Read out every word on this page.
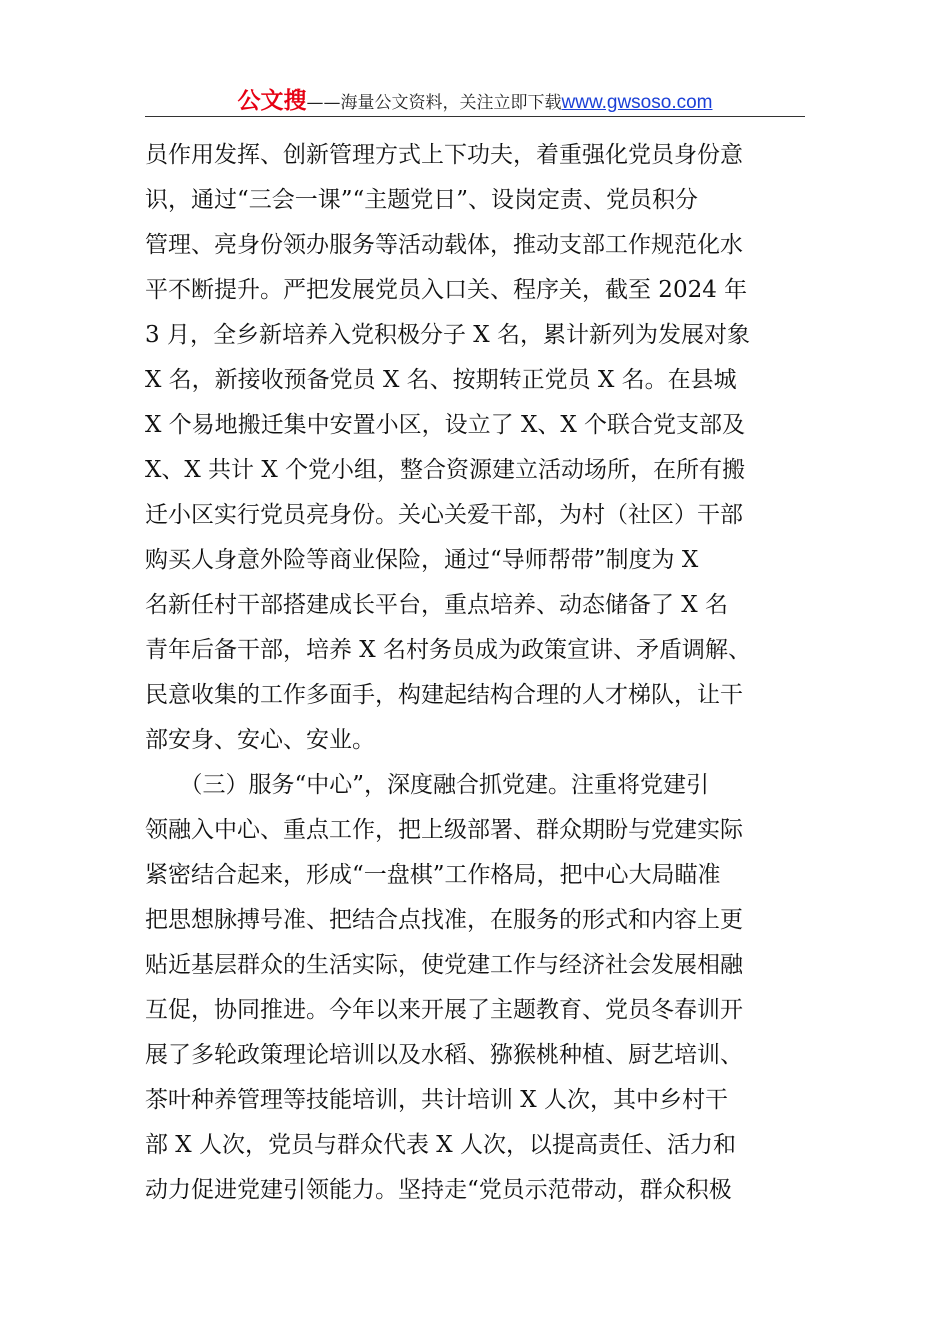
公文搜——海量公文资料，关注立即下载www.gwsoso.com
员作用发挥、创新管理方式上下功夫，着重强化党员身份意
识，通过“三会一课”“主题党日”、设岗定责、党员积分
管理、亮身份领办服务等活动载体，推动支部工作规范化水
平不断提升。严把发展党员入口关、程序关，截至 2024 年
3 月，全乡新培养入党积极分子 X 名，累计新列为发展对象
X 名，新接收预备党员 X 名、按期转正党员 X 名。在县城
X 个易地搬迁集中安置小区，设立了 X、X 个联合党支部及
X、X 共计 X 个党小组，整合资源建立活动场所，在所有搬
迁小区实行党员亮身份。关心关爱干部，为村（社区）干部
购买人身意外险等商业保险，通过“导师帮带”制度为 X
名新任村干部搭建成长平台，重点培养、动态储备了 X 名
青年后备干部，培养 X 名村务员成为政策宣讲、矛盾调解、
民意收集的工作多面手，构建起结构合理的人才梯队，让干
部安身、安心、安业。
　　（三）服务“中心”，深度融合抓党建。注重将党建引
领融入中心、重点工作，把上级部署、群众期盼与党建实际
紧密结合起来，形成“一盘棋”工作格局，把中心大局瞄准
把思想脉搏号准、把结合点找准，在服务的形式和内容上更
贴近基层群众的生活实际，使党建工作与经济社会发展相融
互促，协同推进。今年以来开展了主题教育、党员冬春训开
展了多轮政策理论培训以及水稻、猕猴桃种植、厨艺培训、
茶叶种养管理等技能培训，共计培训 X 人次，其中乡村干
部 X 人次，党员与群众代表 X 人次，以提高责任、活力和
动力促进党建引领能力。坚持走“党员示范带动，群众积极
